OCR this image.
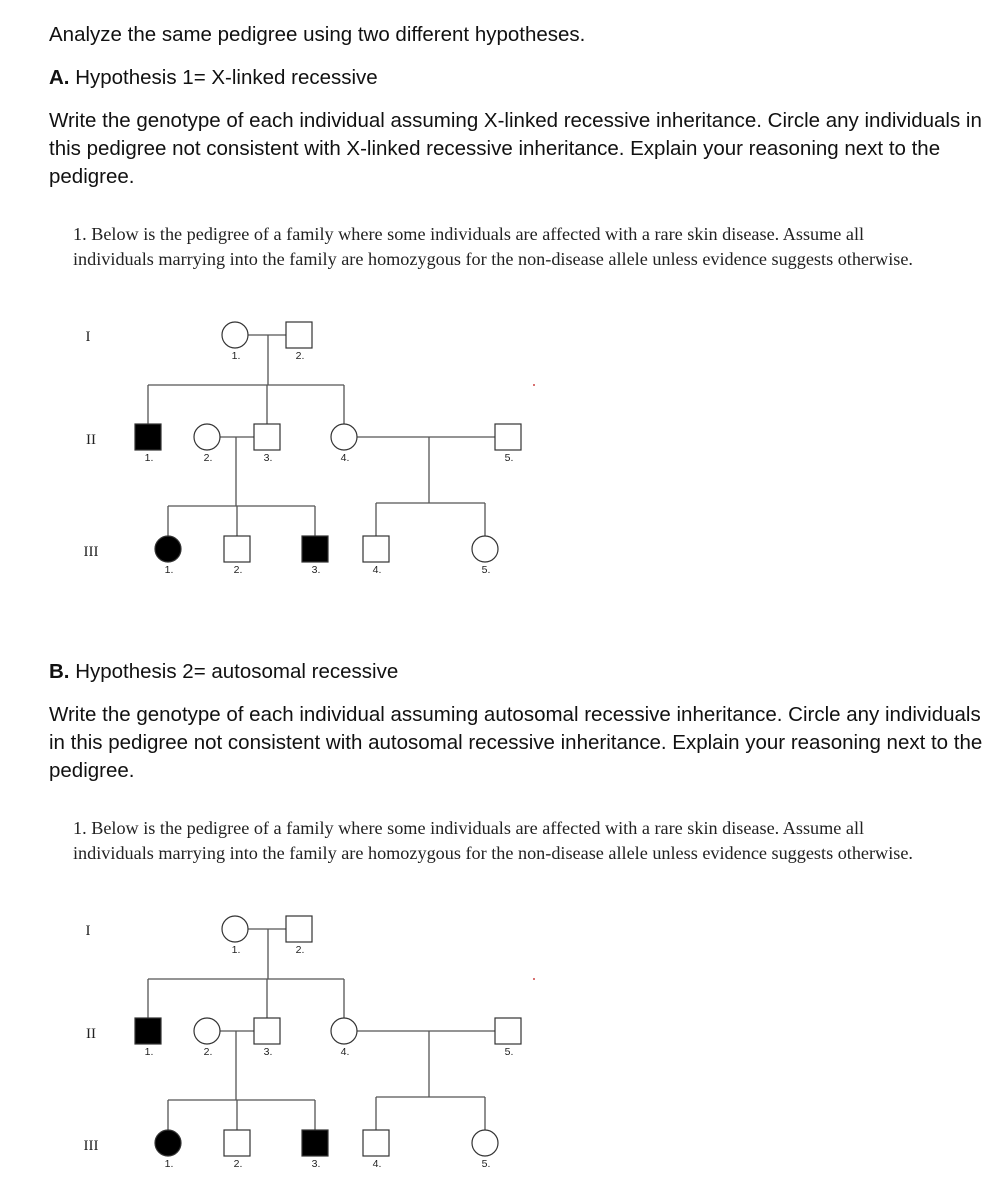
Analyze the same pedigree using two different hypotheses.

A. Hypothesis 1= X-linked recessive

Write the genotype of each individual assuming X-linked recessive inheritance. Circle any individuals in this pedigree not consistent with X-linked recessive inheritance. Explain your reasoning next to the pedigree.

1. Below is the pedigree of a family where some individuals are affected with a rare skin disease. Assume all individuals marrying into the family are homozygous for the non-disease allele unless evidence suggests otherwise.

I
II
III
1.	2.
1.	2.	3.	4.	5.
1.	2.	3.	4.	5.

B. Hypothesis 2= autosomal recessive

Write the genotype of each individual assuming autosomal recessive inheritance. Circle any individuals in this pedigree not consistent with autosomal recessive inheritance. Explain your reasoning next to the pedigree.

1. Below is the pedigree of a family where some individuals are affected with a rare skin disease. Assume all individuals marrying into the family are homozygous for the non-disease allele unless evidence suggests otherwise.

I
II
III
1.	2.
1.	2.	3.	4.	5.
1.	2.	3.	4.	5.
